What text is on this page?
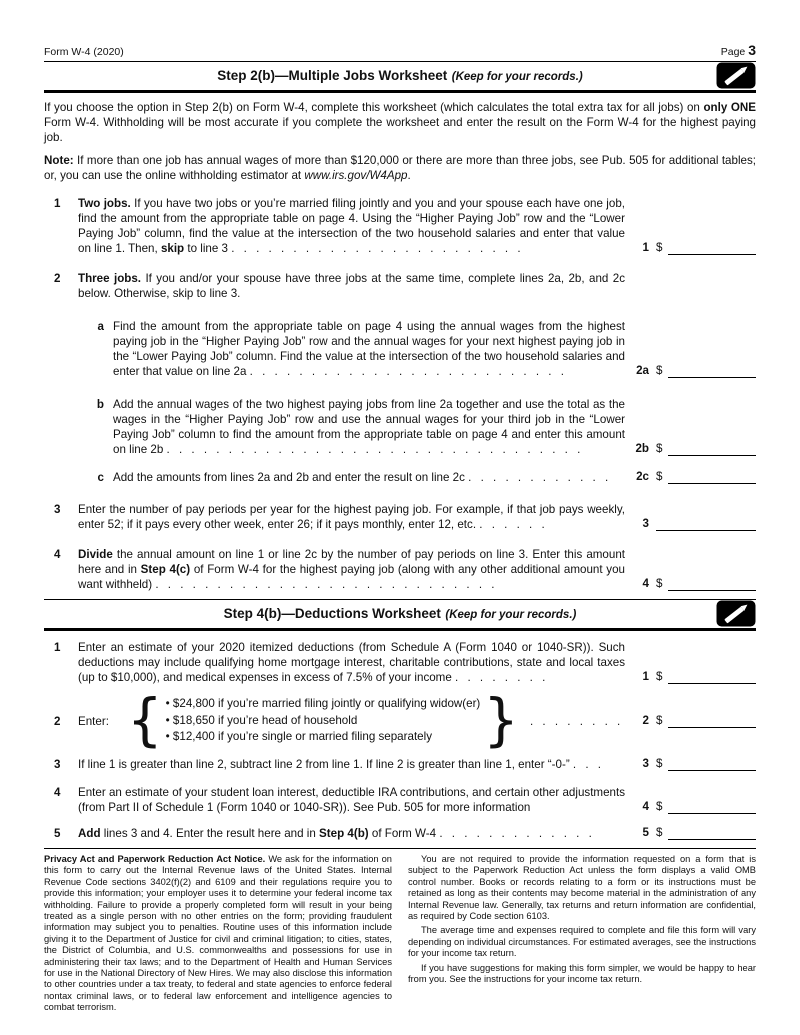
Form W-4 (2020)	Page 3
Step 2(b)—Multiple Jobs Worksheet (Keep for your records.)

If you choose the option in Step 2(b) on Form W-4, complete this worksheet (which calculates the total extra tax for all jobs) on only ONE Form W-4. Withholding will be most accurate if you complete the worksheet and enter the result on the Form W-4 for the highest paying job.

Note: If more than one job has annual wages of more than $120,000 or there are more than three jobs, see Pub. 505 for additional tables; or, you can use the online withholding estimator at www.irs.gov/W4App.

1	Two jobs. If you have two jobs or you’re married filing jointly and you and your spouse each have one job, find the amount from the appropriate table on page 4. Using the “Higher Paying Job” row and the “Lower Paying Job” column, find the value at the intersection of the two household salaries and enter that value on line 1. Then, skip to line 3 . . . . . . . . . . . . . . . . . . . . . . . .	1 $
2	Three jobs. If you and/or your spouse have three jobs at the same time, complete lines 2a, 2b, and 2c below. Otherwise, skip to line 3.
a Find the amount from the appropriate table on page 4 using the annual wages from the highest paying job in the “Higher Paying Job” row and the annual wages for your next highest paying job in the “Lower Paying Job” column. Find the value at the intersection of the two household salaries and enter that value on line 2a . . . . . . . . . . . . . . . . . . . . . . . . . .	2a $
b Add the annual wages of the two highest paying jobs from line 2a together and use the total as the wages in the “Higher Paying Job” row and use the annual wages for your third job in the “Lower Paying Job” column to find the amount from the appropriate table on page 4 and enter this amount on line 2b . . . . . . . . . . . . . . . . . . . . . . . . . . . . . . . . . .	2b $
c Add the amounts from lines 2a and 2b and enter the result on line 2c . . . . . . . . . . . .	2c $
3	Enter the number of pay periods per year for the highest paying job. For example, if that job pays weekly, enter 52; if it pays every other week, enter 26; if it pays monthly, enter 12, etc. . . . . . .	3
4	Divide the annual amount on line 1 or line 2c by the number of pay periods on line 3. Enter this amount here and in Step 4(c) of Form W-4 for the highest paying job (along with any other additional amount you want withheld) . . . . . . . . . . . . . . . . . . . . . . . . . . . .	4 $
Step 4(b)—Deductions Worksheet (Keep for your records.)
1	Enter an estimate of your 2020 itemized deductions (from Schedule A (Form 1040 or 1040-SR)). Such deductions may include qualifying home mortgage interest, charitable contributions, state and local taxes (up to $10,000), and medical expenses in excess of 7.5% of your income . . . . . . . .	1 $
2	Enter: { • $24,800 if you’re married filing jointly or qualifying widow(er)
• $18,650 if you’re head of household
• $12,400 if you’re single or married filing separately } . . . . . . . .	2 $
3	If line 1 is greater than line 2, subtract line 2 from line 1. If line 2 is greater than line 1, enter “-0-” . . .	3 $
4	Enter an estimate of your student loan interest, deductible IRA contributions, and certain other adjustments (from Part II of Schedule 1 (Form 1040 or 1040-SR)). See Pub. 505 for more information	4 $
5	Add lines 3 and 4. Enter the result here and in Step 4(b) of Form W-4 . . . . . . . . . . . . .	5 $

Privacy Act and Paperwork Reduction Act Notice. We ask for the information on this form to carry out the Internal Revenue laws of the United States. Internal Revenue Code sections 3402(f)(2) and 6109 and their regulations require you to provide this information; your employer uses it to determine your federal income tax withholding. Failure to provide a properly completed form will result in your being treated as a single person with no other entries on the form; providing fraudulent information may subject you to penalties. Routine uses of this information include giving it to the Department of Justice for civil and criminal litigation; to cities, states, the District of Columbia, and U.S. commonwealths and possessions for use in administering their tax laws; and to the Department of Health and Human Services for use in the National Directory of New Hires. We may also disclose this information to other countries under a tax treaty, to federal and state agencies to enforce federal nontax criminal laws, or to federal law enforcement and intelligence agencies to combat terrorism.

You are not required to provide the information requested on a form that is subject to the Paperwork Reduction Act unless the form displays a valid OMB control number. Books or records relating to a form or its instructions must be retained as long as their contents may become material in the administration of any Internal Revenue law. Generally, tax returns and return information are confidential, as required by Code section 6103.

The average time and expenses required to complete and file this form will vary depending on individual circumstances. For estimated averages, see the instructions for your income tax return.

If you have suggestions for making this form simpler, we would be happy to hear from you. See the instructions for your income tax return.
